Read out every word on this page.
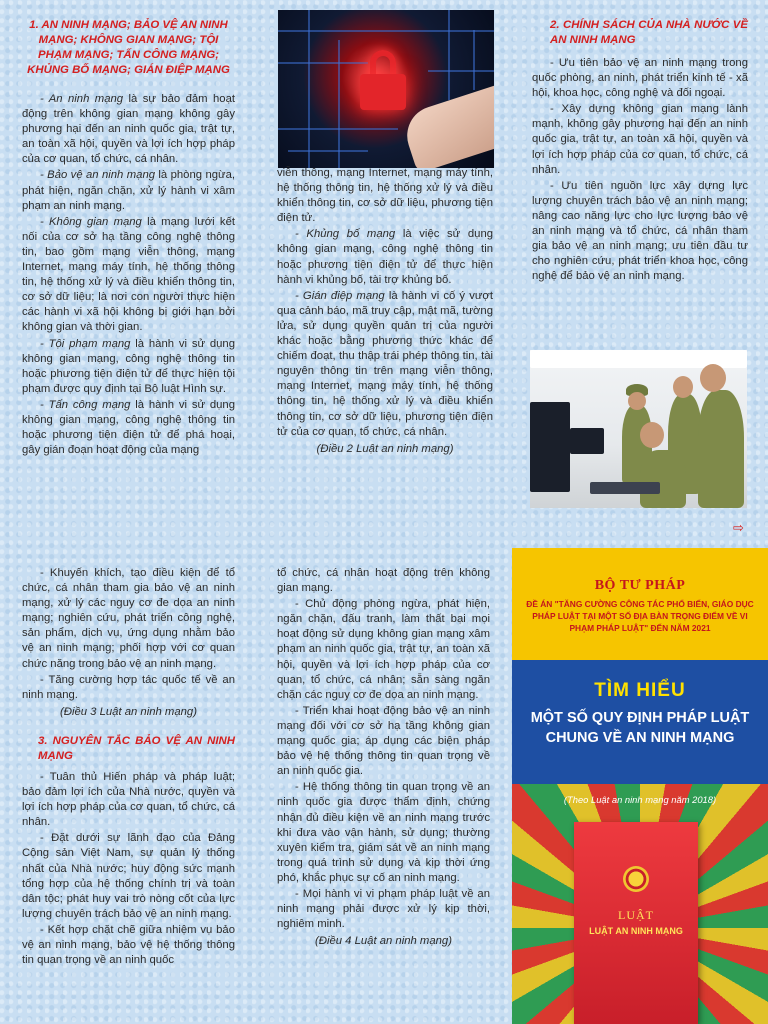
1. AN NINH MẠNG; BẢO VỆ AN NINH MẠNG; KHÔNG GIAN MẠNG; TỘI PHẠM MẠNG; TẤN CÔNG MẠNG; KHỦNG BỐ MẠNG; GIÁN ĐIỆP MẠNG

- An ninh mạng là sự bảo đảm hoạt động trên không gian mạng không gây phương hại đến an ninh quốc gia, trật tự, an toàn xã hội, quyền và lợi ích hợp pháp của cơ quan, tổ chức, cá nhân.

- Bảo vệ an ninh mạng là phòng ngừa, phát hiện, ngăn chặn, xử lý hành vi xâm phạm an ninh mạng.

- Không gian mạng là mạng lưới kết nối của cơ sở hạ tầng công nghệ thông tin, bao gồm mạng viễn thông, mạng Internet, mạng máy tính, hệ thống thông tin, hệ thống xử lý và điều khiển thông tin, cơ sở dữ liệu; là nơi con người thực hiện các hành vi xã hội không bị giới hạn bởi không gian và thời gian.

- Tội phạm mạng là hành vi sử dụng không gian mạng, công nghệ thông tin hoặc phương tiện điện tử để thực hiện tội phạm được quy định tại Bộ luật Hình sự.

- Tấn công mạng là hành vi sử dụng không gian mạng, công nghệ thông tin hoặc phương tiện điện tử để phá hoại, gây gián đoạn hoạt động của mạng

viễn thông, mạng Internet, mạng máy tính, hệ thống thông tin, hệ thống xử lý và điều khiển thông tin, cơ sở dữ liệu, phương tiện điện tử.

- Khủng bố mạng là việc sử dụng không gian mạng, công nghệ thông tin hoặc phương tiện điện tử để thực hiện hành vi khủng bố, tài trợ khủng bố.

- Gián điệp mạng là hành vi cố ý vượt qua cảnh báo, mã truy cập, mật mã, tường lửa, sử dụng quyền quản trị của người khác hoặc bằng phương thức khác để chiếm đoạt, thu thập trái phép thông tin, tài nguyên thông tin trên mạng viễn thông, mạng Internet, mạng máy tính, hệ thống thông tin, hệ thống xử lý và điều khiển thông tin, cơ sở dữ liệu, phương tiện điện tử của cơ quan, tổ chức, cá nhân.

(Điều 2 Luật an ninh mạng)

2. CHÍNH SÁCH CỦA NHÀ NƯỚC VỀ AN NINH MẠNG

- Ưu tiên bảo vệ an ninh mạng trong quốc phòng, an ninh, phát triển kinh tế - xã hội, khoa học, công nghệ và đối ngoại.

- Xây dựng không gian mạng lành mạnh, không gây phương hại đến an ninh quốc gia, trật tự, an toàn xã hội, quyền và lợi ích hợp pháp của cơ quan, tổ chức, cá nhân.

- Ưu tiên nguồn lực xây dựng lực lượng chuyên trách bảo vệ an ninh mạng; nâng cao năng lực cho lực lượng bảo vệ an ninh mạng và tổ chức, cá nhân tham gia bảo vệ an ninh mạng; ưu tiên đầu tư cho nghiên cứu, phát triển khoa học, công nghệ để bảo vệ an ninh mạng.

⇨

- Khuyến khích, tạo điều kiện để tổ chức, cá nhân tham gia bảo vệ an ninh mạng, xử lý các nguy cơ đe dọa an ninh mạng; nghiên cứu, phát triển công nghệ, sản phẩm, dịch vụ, ứng dụng nhằm bảo vệ an ninh mạng; phối hợp với cơ quan chức năng trong bảo vệ an ninh mạng.

- Tăng cường hợp tác quốc tế về an ninh mạng.

(Điều 3 Luật an ninh mạng)

3. NGUYÊN TẮC BẢO VỆ AN NINH MẠNG

- Tuân thủ Hiến pháp và pháp luật; bảo đảm lợi ích của Nhà nước, quyền và lợi ích hợp pháp của cơ quan, tổ chức, cá nhân.

- Đặt dưới sự lãnh đạo của Đảng Cộng sản Việt Nam, sự quản lý thống nhất của Nhà nước; huy động sức mạnh tổng hợp của hệ thống chính trị và toàn dân tộc; phát huy vai trò nòng cốt của lực lượng chuyên trách bảo vệ an ninh mạng.

- Kết hợp chặt chẽ giữa nhiệm vụ bảo vệ an ninh mạng, bảo vệ hệ thống thông tin quan trọng về an ninh quốc

tổ chức, cá nhân hoạt động trên không gian mạng.

- Chủ động phòng ngừa, phát hiện, ngăn chặn, đấu tranh, làm thất bại mọi hoạt động sử dụng không gian mạng xâm phạm an ninh quốc gia, trật tự, an toàn xã hội, quyền và lợi ích hợp pháp của cơ quan, tổ chức, cá nhân; sẵn sàng ngăn chặn các nguy cơ đe dọa an ninh mạng.

- Triển khai hoạt động bảo vệ an ninh mạng đối với cơ sở hạ tầng không gian mạng quốc gia; áp dụng các biện pháp bảo vệ hệ thống thông tin quan trọng về an ninh quốc gia.

- Hệ thống thông tin quan trọng về an ninh quốc gia được thẩm định, chứng nhận đủ điều kiện về an ninh mạng trước khi đưa vào vận hành, sử dụng; thường xuyên kiểm tra, giám sát về an ninh mạng trong quá trình sử dụng và kịp thời ứng phó, khắc phục sự cố an ninh mạng.

- Mọi hành vi vi phạm pháp luật về an ninh mạng phải được xử lý kịp thời, nghiêm minh.

(Điều 4 Luật an ninh mạng)

BỘ TƯ PHÁP
ĐỀ ÁN "TĂNG CƯỜNG CÔNG TÁC PHỔ BIẾN, GIÁO DỤC PHÁP LUẬT TẠI MỘT SỐ ĐỊA BÀN TRỌNG ĐIỂM VỀ VI PHẠM PHÁP LUẬT" ĐẾN NĂM 2021
TÌM HIỂU
MỘT SỐ QUY ĐỊNH PHÁP LUẬT CHUNG VỀ AN NINH MẠNG
(Theo Luật an ninh mạng năm 2018)
LUẬT
LUẬT AN NINH MẠNG
